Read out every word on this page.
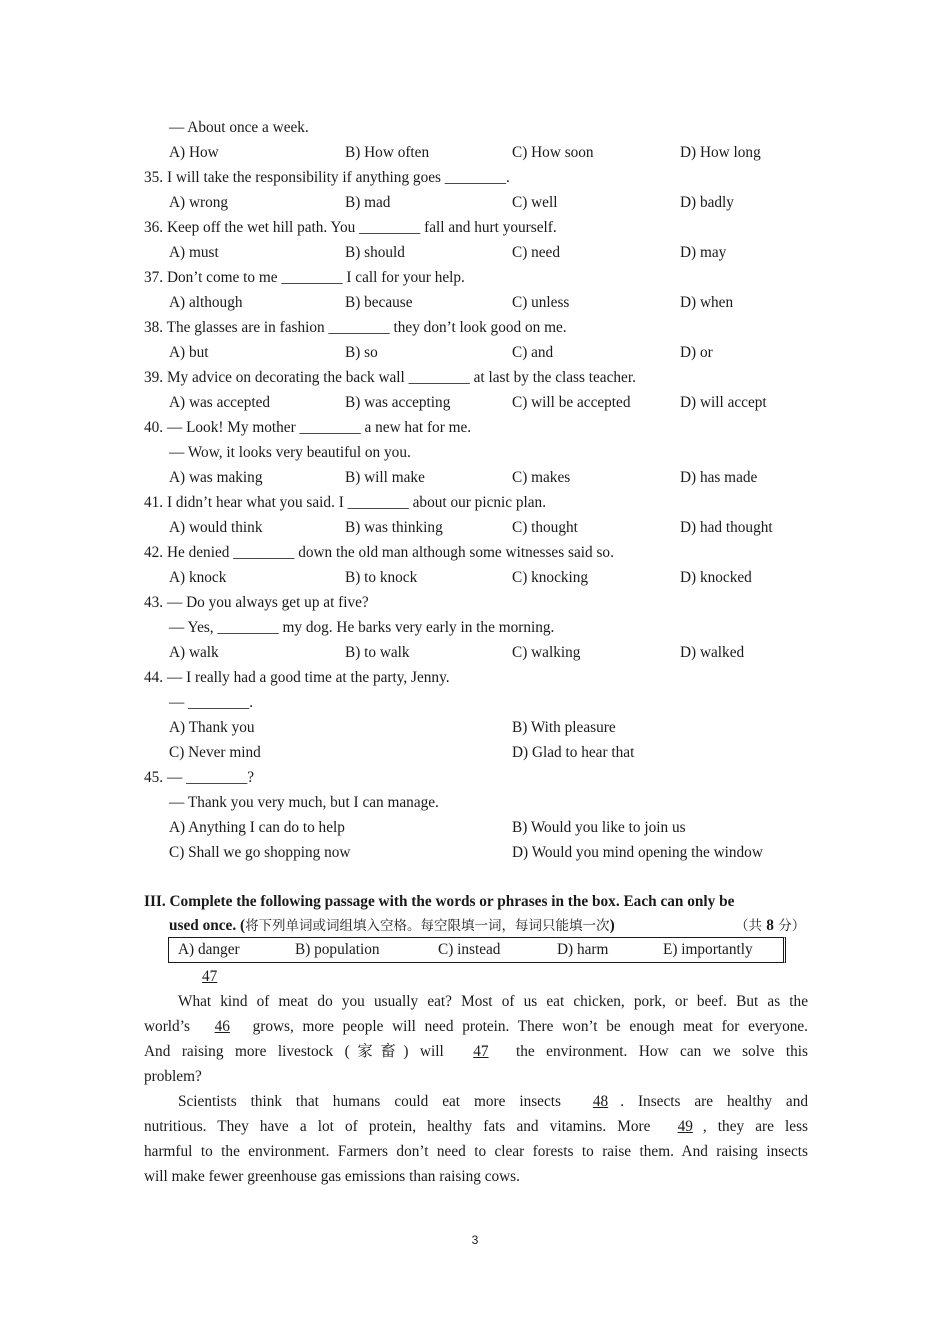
— About once a week.
A) How	B) How often	C) How soon	D) How long
35. I will take the responsibility if anything goes ________.
A) wrong	B) mad	C) well	D) badly
36. Keep off the wet hill path. You ________ fall and hurt yourself.
A) must	B) should	C) need	D) may
37. Don’t come to me ________ I call for your help.
A) although	B) because	C) unless	D) when
38. The glasses are in fashion ________ they don’t look good on me.
A) but	B) so	C) and	D) or
39. My advice on decorating the back wall ________ at last by the class teacher.
A) was accepted	B) was accepting	C) will be accepted	D) will accept
40. — Look! My mother ________ a new hat for me.
— Wow, it looks very beautiful on you.
A) was making	B) will make	C) makes	D) has made
41. I didn’t hear what you said. I ________ about our picnic plan.
A) would think	B) was thinking	C) thought	D) had thought
42. He denied ________ down the old man although some witnesses said so.
A) knock	B) to knock	C) knocking	D) knocked
43. — Do you always get up at five?
— Yes, ________ my dog. He barks very early in the morning.
A) walk	B) to walk	C) walking	D) walked
44. — I really had a good time at the party, Jenny.
— ________.
A) Thank you	B) With pleasure
C) Never mind	D) Glad to hear that
45. — ________?
— Thank you very much, but I can manage.
A) Anything I can do to help	B) Would you like to join us
C) Shall we go shopping now	D) Would you mind opening the window
III. Complete the following passage with the words or phrases in the box. Each can only be
used once. (将下列单词或词组填入空格。每空限填一词，每词只能填一次)	（共 8 分）
A) danger	B) population	C) instead	D) harm	E) importantly
47
What kind of meat do you usually eat? Most of us eat chicken, pork, or beef. But as the
world’s 46 grows, more people will need protein. There won’t be enough meat for everyone.
And raising more livestock (家畜) will 47 the environment. How can we solve this
problem?
Scientists think that humans could eat more insects 48 . Insects are healthy and
nutritious. They have a lot of protein, healthy fats and vitamins. More 49 , they are less
harmful to the environment. Farmers don’t need to clear forests to raise them. And raising insects
will make fewer greenhouse gas emissions than raising cows.
3
